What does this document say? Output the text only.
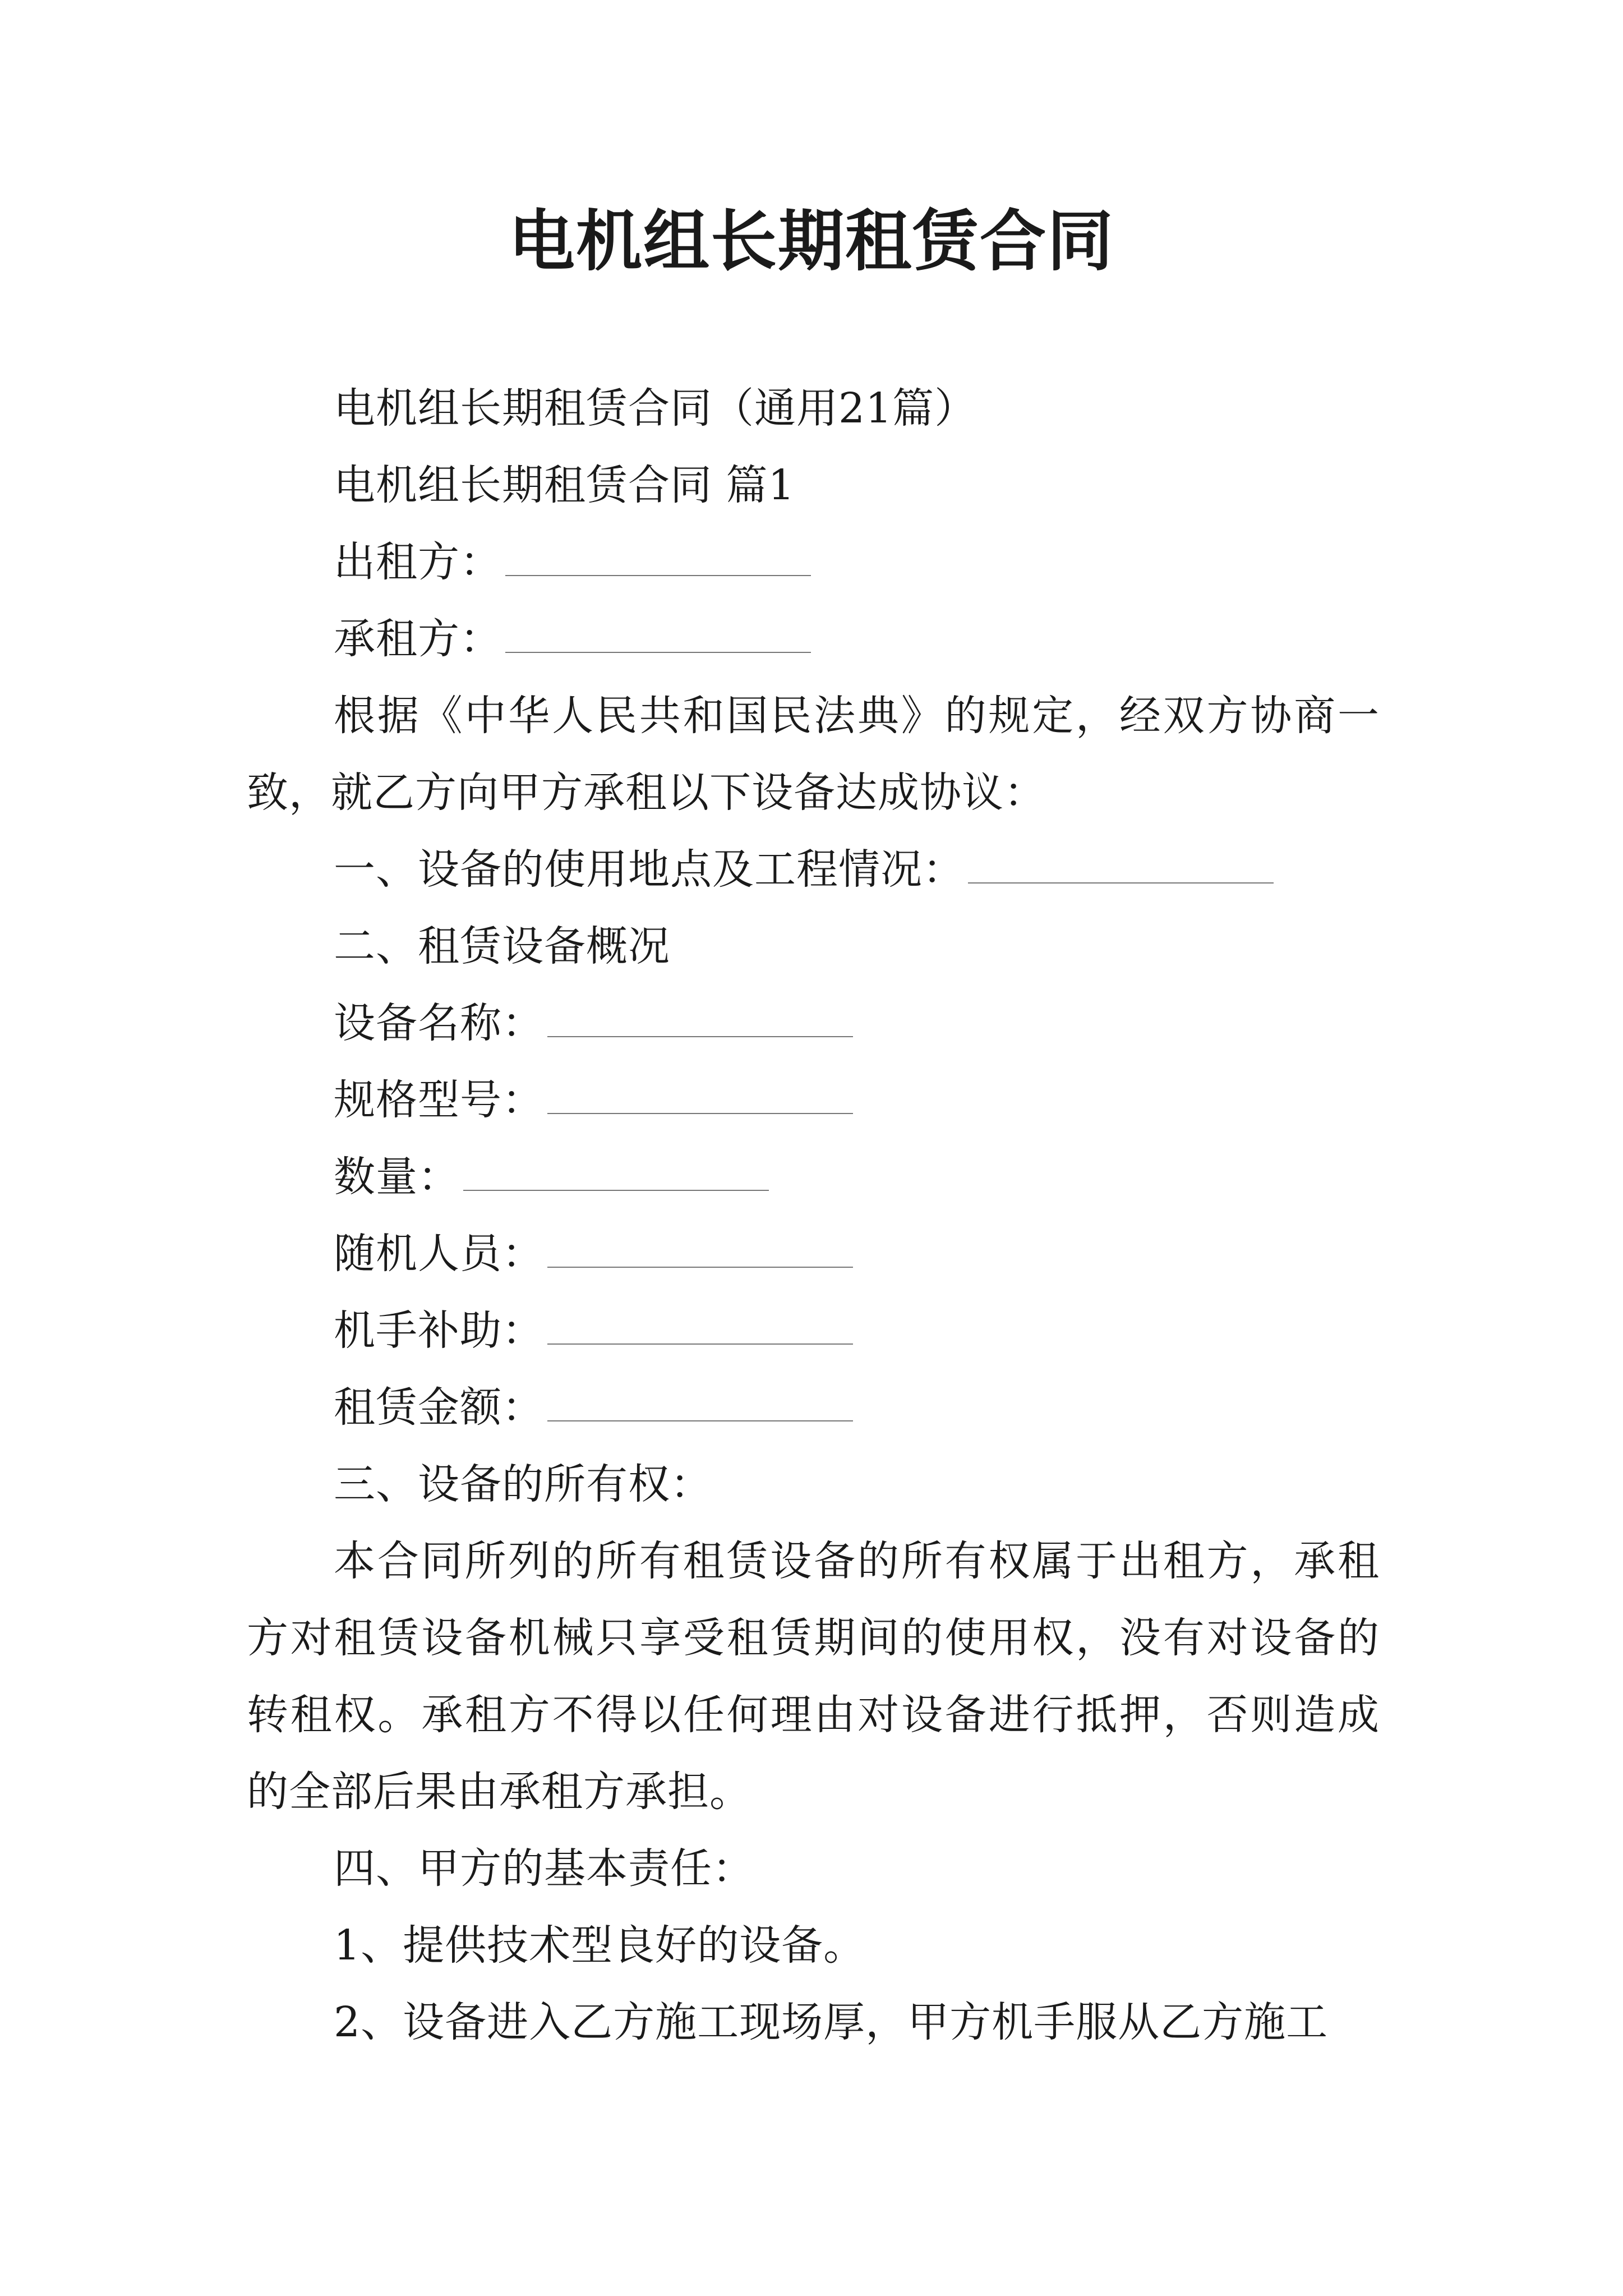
电机组长期租赁合同

电机组长期租赁合同（通用21篇）

电机组长期租赁合同 篇1

出租方：

承租方：

根据《中华人民共和国民法典》的规定，经双方协商一致，就乙方向甲方承租以下设备达成协议：

一、设备的使用地点及工程情况：

二、租赁设备概况

设备名称：

规格型号：

数量：

随机人员：

机手补助：

租赁金额：

三、设备的所有权：

本合同所列的所有租赁设备的所有权属于出租方，承租方对租赁设备机械只享受租赁期间的使用权，没有对设备的转租权。承租方不得以任何理由对设备进行抵押，否则造成的全部后果由承租方承担。

四、甲方的基本责任：

1、提供技术型良好的设备。

2、设备进入乙方施工现场厚，甲方机手服从乙方施工
